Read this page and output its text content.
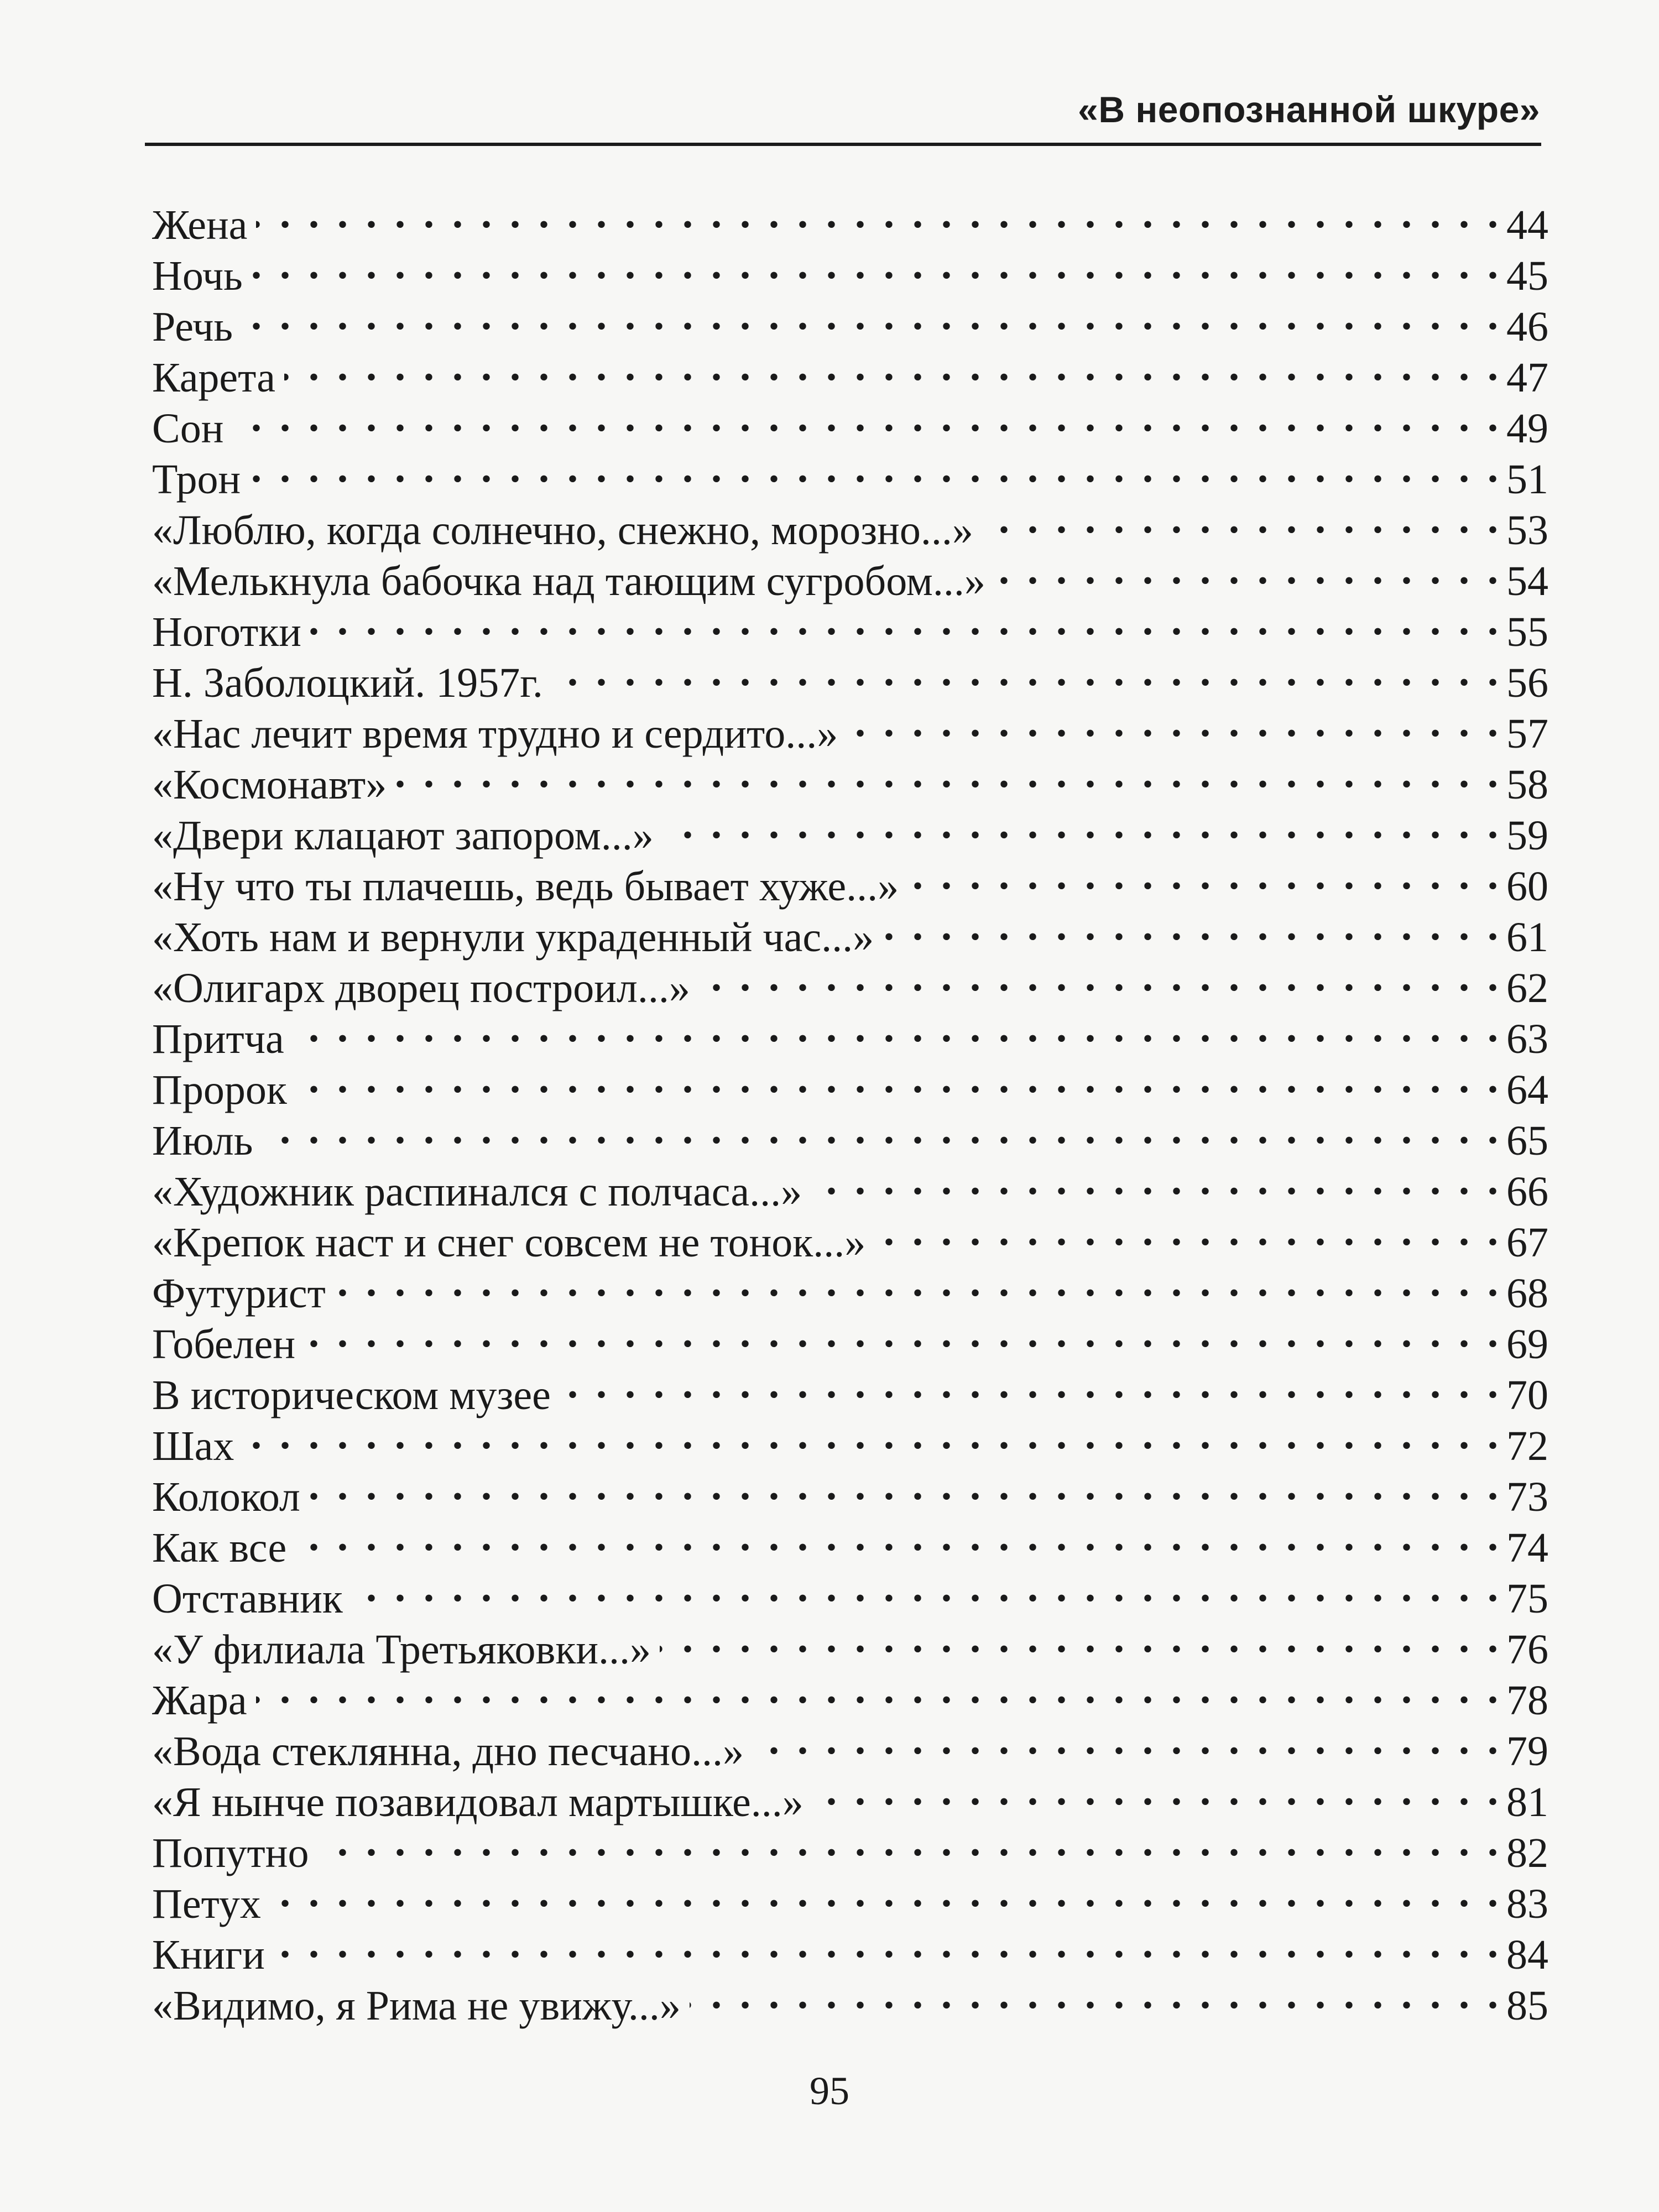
«В неопознанной шкуре»
Жена . . .	44
Ночь . . .	45
Речь . . .	46
Карета . . .	47
Сон . . .	49
Трон . . .	51
«Люблю, когда солнечно, снежно, морозно...» . . .	53
«Мелькнула бабочка над тающим сугробом...» . . .	54
Ноготки . . .	55
Н. Заболоцкий. 1957г. . . .	56
«Нас лечит время трудно и сердито...» . . .	57
«Космонавт» . . .	58
«Двери клацают запором...» . . .	59
«Ну что ты плачешь, ведь бывает хуже...» . . .	60
«Хоть нам и вернули украденный час...» . . .	61
«Олигарх дворец построил...» . . .	62
Притча . . .	63
Пророк . . .	64
Июль . . .	65
«Художник распинался с полчаса...» . . .	66
«Крепок наст и снег совсем не тонок...» . . .	67
Футурист . . .	68
Гобелен . . .	69
В историческом музее . . .	70
Шах . . .	72
Колокол . . .	73
Как все . . .	74
Отставник . . .	75
«У филиала Третьяковки...» . . .	76
Жара . . .	78
«Вода стеклянна, дно песчано...» . . .	79
«Я нынче позавидовал мартышке...» . . .	81
Попутно . . .	82
Петух . . .	83
Книги . . .	84
«Видимо, я Рима не увижу...» . . .	85
95
